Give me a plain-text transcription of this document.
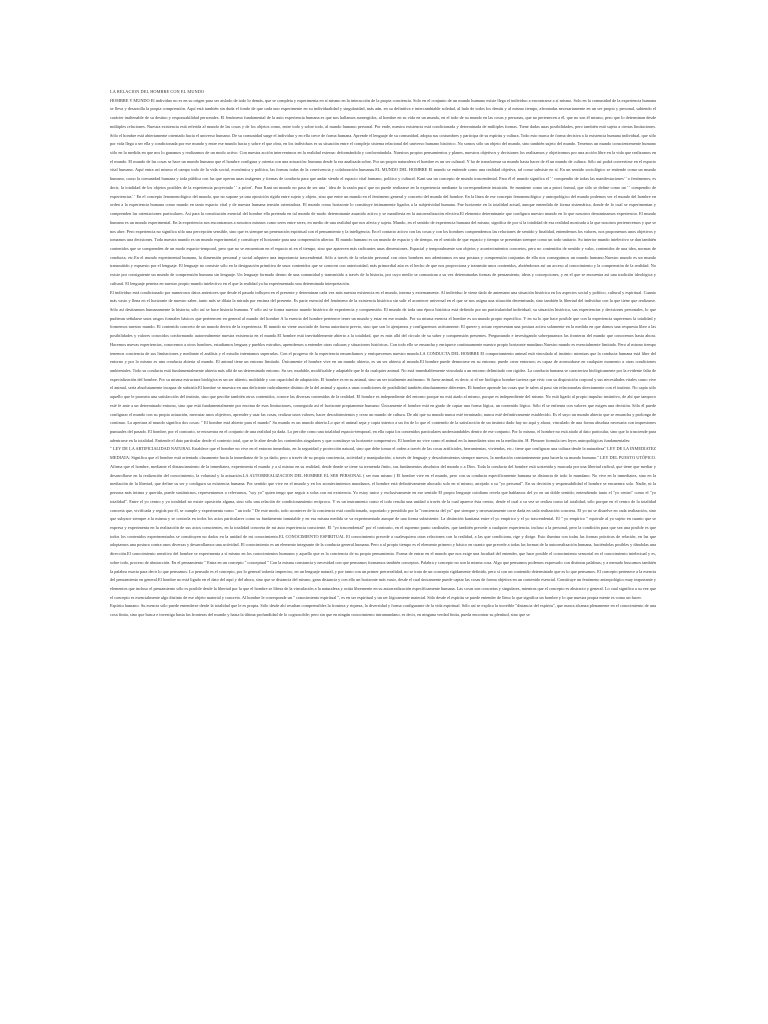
LA RELACION DEL HOMBRE CON EL MUNDO

HOMBRE Y MUNDO El individuo no es en su origen para ser aislado de todo lo demás, que se completa y experimenta en sí mismo en la interacción de la propia conciencia. Solo en el conjunto de un mundo humano existe llega el individuo a encontrarse a sí mismo. Solo en la comunidad de la experiencia humana se lleva y desarrolla la propia comprensión. Aquí está también sin duda el fondo de que cada uno experimente en su individualidad y singularidad, más aún, en su definitiva e intercambiable soledad, al lado de todos los demás y al mismo tiempo, afrontadas necesariamente en un ser propio y personal, sabiendo el carácter inalienable de su destino y responsabilidad personales. El fenómeno fundamental de la auto experiencia humana es que nos hallamos sumergidos, al hombre en su vida en un mundo, en el todo de su mundo en las cosas y personas, que no pertenecen a él, que no son él mismo, pero que lo determinan desde múltiples relaciones. Nuestra existencia está referida al mundo de las cosas y de los objetos como, entre todo y sobre todo, al mundo humano personal. Por ende, nuestra existencia está condicionada y determinada de múltiples formas. Tiene dadas unas posibilidades, pero también está sujeta a ciertas limitaciones. Sólo el hombre está abiertamente orientado hacia el universo humano. De su comunidad surge el individuo y en ella crece de forma humana. Aprende el lenguaje de su comunidad, adopta sus costumbres y participa de su espíritu y cultura. Todo esto marca de forma decisiva a la existencia humana individual, que sólo por vida llega a ser ella y condicionada por ese mundo y entre ese mundo hacia y sobre el que obra, en los individuos es su situación entre el complejo sistema relacional del universo humano histórico. No somos sólo un objeto del mundo, sino también sujeto del mundo. Tenemos un mundo conscientemente humano sólo en la medida en que nos lo ganamos y realizamos de un modo activo. Con nuestra acción intervenimos en la realidad externa: deformándola y conformándola. Nuestros propios pensamientos y planes, nuestros objetivos y decisiones los realizamos y objetivamos por una acción libre en la vida que realizamos en el mundo. El mundo de las cosas se hace un mundo humano que el hombre configura y orienta con una actuación: humana desde la era analizada sobre. Por un propio naturaleza el hombre es un ser cultural. Y ha de transformar su mundo hasta hacer de él un mundo de cultura. Sólo así podrá convertirse en el espacio vital humano. Aquí entra así mismo el campo todo de la vida social, económica y política, las formas todas de la convivencia y colaboración humanas.EL MUNDO DEL HOMBRE El mundo se entiende como una realidad objetiva, tal como subsiste en sí. En un sentido sociológico se entiende como un mundo humano, como la comunidad humana y toda pública con las que operan unas imágenes y formas de conducta para que andar siendo el espacio vital humano, político y cultural. Kant usa un concepto de mundo trascendental. Para él el mundo significa el ' ' compendio de todas las manifestaciones' ' o fenómenos; es decir, la totalidad de los objetos posibles de la experiencia proyectada ' ' a priori'. Para Kant un mundo no pasa de ser una ' idea de la razón pura' que no puede realizarse en la experiencia mediante la correspondiente intuición. Se mantiene como un a priori formal, que sólo se define como un ' ' compendio de experiencias.' ' En el concepto fenomenológico del mundo, que no supone ya una oposición rígida entre sujeto y objeto, sino que entre un mundo en el fenómeno general y concreto del mundo del hombre. En la línea de ese concepto fenomenológico y antropológico del mundo podemos ver el mundo del hombre en orden a la experiencia humana como mundo en tanto espacio vital y de nuestra humana tensión orientadora. El mundo como horizonte lo constituye íntimamente ligados a la subjetividad humana. Fue horizonte en la totalidad actual, aunque entendida de forma sistemática, donde de lo cual se experimentan y comprenden las orientaciones particulares. Así para la constitución esencial del hombre ella pretenda en tal mundo de modo determinante asumido activo y se manifiesta en la autorrealización efectiva.El elemento determinante que configura nuestro mundo en lo que nosotros denominamos experiencia. El mundo humano es un mundo experimental. En la experiencia nos encontramos a nosotros mismos como seres entre seres, en medio de una realidad que nos afecta y sujeta. Mundo, en el sentido de experiencia humana del mismo, significa de por sí la totalidad de esa realidad mostrada a la que nosotros pertenecemos y que se nos abre. Pero experiencia no significa sólo una percepción sensible, sino que es siempre un penetración espiritual con el pensamiento y la inteligencia. En el contacto activo con las cosas y con los hombres comprendemos las relaciones de sentido y finalidad, entendemos los valores, nos proponemos unos objetivos y tomamos una decisiones. Toda nuestra mundo es un mundo experimental y constituye el horizonte para una comprensión ulterior. El mundo humano es un mundo de espacio y de tiempo, en el sentido de que espacio y tiempo se presentan siempre como un todo unitario. Su interior mundo intelectivo se dan también contenidos que se comprenden de un modo espacio-temporal, pero que no se encuentran en el espacio ni en el tiempo, sino que aparecen más radicantes unas dimensiones. Espacial y temporalmente son objetos y acontecimientos concretos, pero no contenidos de sentido y valor, contenidos de una idea, normas de conducta, etc.En el mundo experimental humano, la dimensión personal y social adquiere una importancia trascendental. Sólo a través de la relación personal con otros hombres nos adentramos en una postura y comprensión conjuntas de ella nos conseguimos un mundo humano.Nuestro mundo es un mundo transmitido y expuesto por el lenguaje. El lenguaje no consiste sólo en la designación primitiva de unos contenidos que se conocen con anterioridad; más primordial aún es el hecho de que nos proporciona y transmite unos contenidos, abriéndonos así un acceso al conocimiento y la comprensión de la realidad. No existe por consiguiente un mundo de comprensión humana sin lenguaje. Un lenguaje formado dentro de una comunidad y transmitido a través de la historia, por cuyo medio se comunican a su vez determinadas formas de pensamiento, ideas y concepciones, y en el que se encuentra así una tradición ideológica y cultural. El lenguaje penetra en nuestro propio mundo intelectivo en el que la realidad ya ha experimentado una determinada interpretación.

El individuo está condicionado por numerosos datos anteriores que desde el pasado influyen en el presente y determinan cada vez más nuestra existencia en el mundo, interna y externamente. Al individuo le viene dado de antemano una situación histórica en los aspectos social y político, cultural y espiritual. Cuanto más vasto y llena en el horizonte de nuestro saber, tanto más se dilata la mirada por encima del presente. Es parte esencial del fenómeno de la existencia histórica sin salir el acontecer universal en el que se nos asigna una situación determinada, sino también la libertad del individuo con la que tiene que realizarse. Sólo así destinamos humanamente la historia; sólo así se hace historia humana. Y sólo así se forma nuestro mundo histórico de experiencia y comprensión. El mundo de toda una época histórica está definido por un particularidad individual, su situación histórica, sus experiencias y decisiones personales, lo que pudieran señalarse unos rasgos formales básicos que pertenecen en general al mundo del hombre A la esencia del hombre pertenece tener un mundo y estar en ese mundo. Por su misma esencia el hombre es un mundo propio específico. Y en su lo que hace posible que con la experiencia superemos la totalidad y formemos nuestro mundo. El contenido concreto de un mundo deriva de la experiencia. El mundo no viene asociado de forma autoritario previo, sino que son lo ajenjamos y configuremos activamente. El querer y actuar representan una postura activa solamente en la medida en que damos una respuesta libre a las posibilidades y valores conocidos conformando autorrealmente nuestra existencia en el mundo.El hombre está inevitablemente abierto a la totalidad, que es más allá del círculo de su saber y comprensión presentes. Preguntando e investigando sobrepasamos las fronteras del mundo que conocemos hasta ahora. Hacemos nuevas experiencias, conocemos a otros hombres, estudiamos lenguas y pueblos extraños, aprendemos a entender otras culturas y situaciones históricas. Con todo ello se ensancha y enriquece continuamente nuestro propio horizonte mundano.Nuestro mundo es esencialmente limitado. Pero al mismo tiempo tenemos conciencia de sus limitaciones y mediante el análisis y el estudio intentamos superarlas. Con el progreso de la experiencia ensanchamos y enriquecemos nuestro mundo.LA CONDUCTA DEL HOMBRE El comportamiento animal está vinculado al instinto: mientras que la conducta humana está libre del entorno y por lo mismo es una conducta abierta al mundo. El animal tiene un entorno limitado. Únicamente el hombre vive en un mundo abierto, es un ser abierto al mundo.El hombre puede demorarse en su entorno; puede crear entornos; es capaz de acomodarse en cualquier momento a otras condiciones ambientales. Todo su conducta está fundamentalmente abierta más allá de un determinado entorno. Su ser, mudable, modificable y adaptable que le da cualquier animal. No está inmediablemente vinculada a un entorno delimitado con rigidez. La conducta humana se caracteriza biológicamente por la evidente falta de especialización del hombre. Por su misma estructura biológica es un ser abierto, moldable y con capacidad de adaptación. El hombre es en su animal, sino un ser totalmente autónomo. Si fuese animal, es decir, si el ser biológico hombre tuviera que vivir con su disposición corporal y sus necesidades vitales como vive el animal, sería absolutamente incapaz de subsistir.El hombre se muestra en una deficiente radicalmente distinto de la del animal y aporta a unas condiciones de posibilidad también absolutamente diferentes. El hombre aprende las cosas que le salen al paso sin relacionarlas directamente con el instinto. No capta sólo aquello que le prometa una satisfacción del instinto, sino que percibe también otros contenidos, conoce las diversas contenidas de la realidad. El hombre es independiente del entorno porque no está atado al mismo, porque es independiente del mismo. No está ligado al propio impulso instintivo, de ahí que tampoco esté fe ante a un determinado entorno, sino que está fundamentalmente por encima de esas limitaciones, conseguido así el horizonte propiamente humano: Únicamente el hombre está en grado de captar una forma lógica, un contenido lógico. Sólo él se enfrenta con valores que exigen una decisión. Sólo él puede configurar el mundo con su propia actuación, mercutar unos objetivos, aprender y usar las cosas, realizar unos valores, hacer descubrimientos y crear un mundo de cultura. De ahí que su mundo nunca esté terminado, nunca esté definitivamente establecido. Es el suyo un mundo abierto que se ensancha y prolonga de continuo. La apertura al mundo significa dos cosas: " El hombre está abierto para el mundo" Su mundo es un mundo abierto.Lo que el animal sepa y capta interior a un fin de lo que el contenido de la satisfacción de un instinto dado hay no aquí y ahora, vinculado de una forma absoluta necesaria con impresiones puntuales del pasado. El hombre, por el contrario, se encuentra en el conjunto de una realidad ya dada. Lo percibe como una totalidad espacio-temporal, en ella capta los contenidos particulares understandables dentro de ese conjunto. Por lo mismo, el hombre no está atado al dato particular, sino que lo trasciende para adentrarse en la totalidad. Entiende el dato particular desde el contexto total, que se le abre desde los contenidos singulares y que constituye su horizonte comprensivo. El hombre no vive como el animal en la inmediatez sino en la mediación. H. Plessner formula tres leyes antropológicas fundamentales:

" LEY DE LA ARTIFICIALIDAD NATURAL Establece que el hombre no vive en el entorno inmediato, en la seguridad y protección natural, sino que debe tomar el orden a través de las cosas artificiales, herramientas, viviendas, etc.; tiene que configurar una cultura desde la naturaleza" LEY DE LA INMEDIATEZ MEDIATA: Significa que el hombre está orientado claramente hacia la inmediatez de lo ya dado, pero a través de su propia conciencia, actividad y manipulación; a través de lenguaje y descubrimientos siempre nuevos, la mediación constantemente para hacerla su mundo humano." LEY DEL PUESTO UTÓPICO. Afirma que el hombre, mediante el distanciamiento de la inmediatez, experimenta el mundo y a sí mismo en su realidad, desde donde se tiene su tremenda finito, sus fundamentos absolutos del mundo o a Dios. Toda la conducta del hombre está sostenida y marcada por una libertad radical, que tiene que mediar y desarrollarse en la realización del conocimiento, la voluntad y la actuación.LA AUTORREALIZACION DEL HOMBRE EL SER PERSONAL ( ser mas mismo ) El hombre vive en el mundo, pero con su conducta específicamente humana se distancia de todo lo mundano. No vive en la inmediatez, sino en la mediación de la libertad, que define su ser y configura su existencia humana. Por sentido que vive en el mundo y en los acontecimientos mundanos, el hombre está definitivamente abocado solo en sí mismo, arrojado a su "yo personal". En su decisión y responsabilidad el hombre se encuentra solo. Nadie, ni la persona más íntima y querida, puede sustituirnos, representarnos o relevarnos, "soy yo" quien tengo que seguir a solas con mi existencia. Yo estoy unico y exclusivamente en ese sentido El propio lenguaje cotidiano revela que hablamos del yo en un doble sentido; entendiendo tanto el "yo centro" como el "yo totalidad". Entre el yo centro y yo totalidad no existe oposición alguna, sino sólo una relación de condicionamiento recíproco. Y es un instrumento como el todo resulta una unidad a través de la cual aparece ésta centro, desde el cual a su vez se realiza como tal totalidad; sólo porque en el centro de la totalidad concreta que, vivificada y regida por él, se cumple y experimenta como " un todo " De este modo, todo acontecer de la conciencia está condicionado, soportado y presidido por la "conciencia del yo" que siempre y necesariamente corre dada en cada realización concreta. El yo no se disuelve en cada realización, sino que subyace siempre a la misma y se controla en todos los actos particulares como su fundamento inmutable y en esa misma medida se va experimentado aunque de una forma subsistente. La distinción kantiana entre el yo empírico y el yo trascendental. El " yo empírico " equivale al yo sujeto en cuanto que se expresa y experimenta en la realización de sus actos conscientes, en la totalidad concreta de mi auto experiencia consciente. El "yo trascendental" por el contrario, en el supremo punto cardinales, que también precede a cualquier experiencia, incluso a la personal, pero la condición para que sea una posible es que todos los contenidos experimentados se constituyen no dados en la unidad de mi conocimiento.EL CONOCIMIENTO ESPIRITUAL El conocimiento precede a cualesquiera otras relaciones con la realidad, a las que condiciona, rige y dirige. Esto ilumina con todas las formas prácticas de relación, en las que adoptamos una postura contra unos diversas y desarrollamos una actividad. El conocimiento es un elemento integrante de la conducta general humana. Pero a al propio tiempo es el elemento primero y básico en cuanto que precede a todas las formas de la autorrealización humana, haciéndolas posibles y dándolas una dirección.El conocimiento sensitivo del hombre se experimenta a sí mismo en los conocimientos humanos y aquello que es la conciencia de su propio pensamiento. Forma de entrar en el mundo que nos exige una facultad del entender, que hace posible el conocimiento sensorial en el conocimiento intelectual y es, sobre todo, proceso de abstracción. En el pensamiento " Entra en un concepto " conceptual " Con la misma constancia y necesidad con que pensamos formamos también conceptos. Palabra y concepto no son la misma cosa. Algo que pensamos podemos expresarlo con distintas palabras; y a menudo buscamos también la palabra exacta para decir lo que pensamos. Lo pensado es el concepto, por lo general todavía impreciso, en un lenguaje natural, y por tanto con un primer prerrrealidad, no se trata de un concepto rigidamente definido, pero sí con un contenido determinado que es lo que pensamos. El concepto pertenece a la esencia del pensamiento en general.El hombre no está ligado en el dato del aquí y del ahora, sino que se distancia del mismo, gana distancia y con ello un horizonte más vasto, desde el cual únicamente puede captar las cosas de forma objetiva en un contenido esencial. Constituye un fenómeno antropológico muy importante y elementos que incluso el pensamiento sólo es posible desde la libertad por la que el hombre se libera de la vinculación a la naturaleza y actúa libremente en su autorrealización específicamente humana. Las cosas son concretas y singulares, mientras que el concepto es abstracto y general. Lo cual significa a su vez que el concepto es esencialmente algo distinto de ese objeto material y concreto. Al hombre le corresponde un " conocimiento espiritual ", es en ser espiritual y un ser lógicamente material. Sólo desde el espíritu se puede entender de lleno lo que significa un hombre y lo que nuestra propia mente es como un hacer.

Espíritu humano. Su esencia sólo puede entenderse desde la totalidad que le es propia. Sólo desde ahí resultan comprensibles la frontera y riqueza, la diversidad y forma configurante de la vida espiritual. Sólo así se explica la increíble "distancia del espíritu", que nunca alcanza plenamente en el conocimiento de una cosa finita, sino que busca e investiga hasta las fronteras del mundo y hasta la última profundidad de lo cognoscible; pero sin que en ningún conocimiento intramundano, es decir, en ninguna verdad finita, pueda encontrar su plenitud, sino que se
